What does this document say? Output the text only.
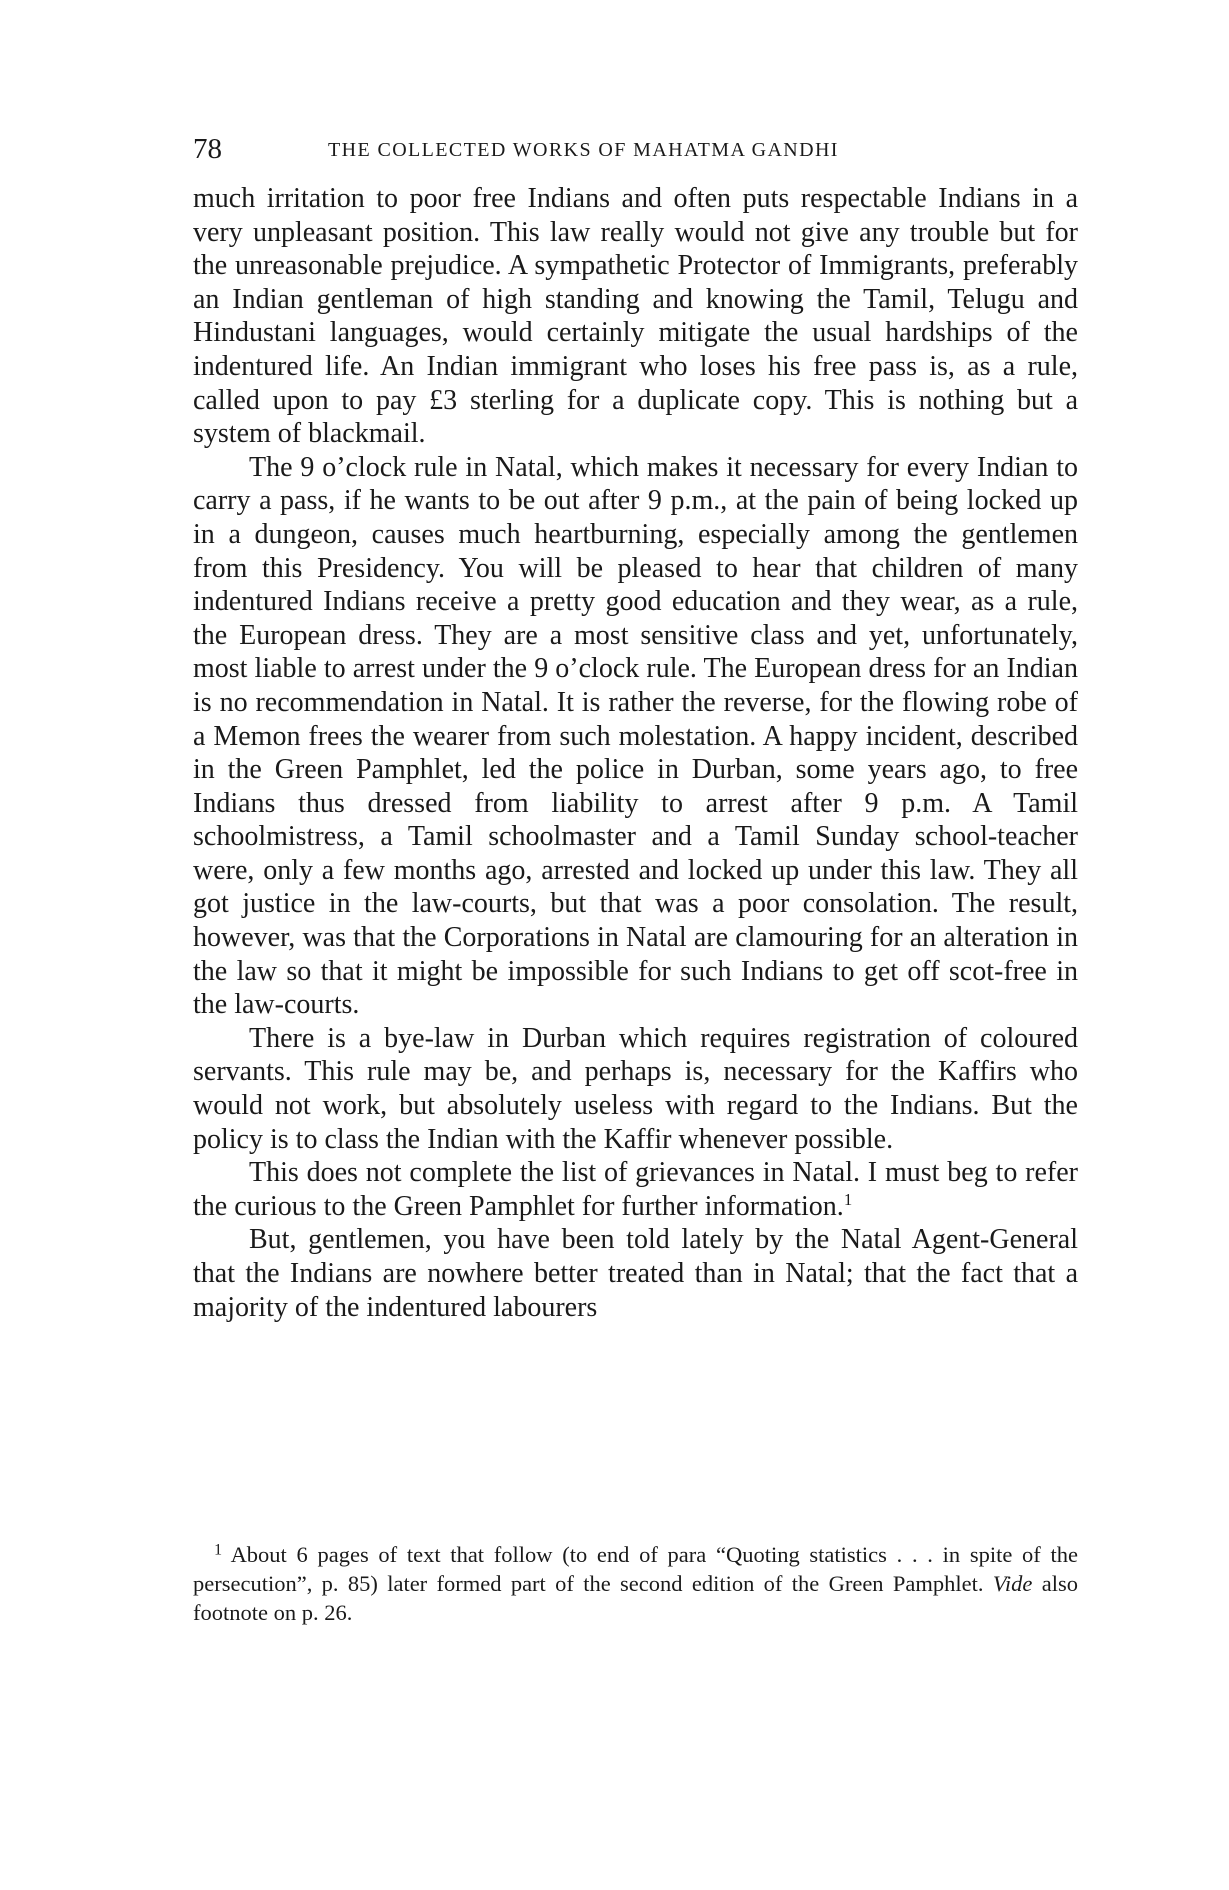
78	THE COLLECTED WORKS OF MAHATMA GANDHI

much irritation to poor free Indians and often puts respectable Indians in a very unpleasant position. This law really would not give any trouble but for the unreasonable prejudice. A sympathetic Protector of Immigrants, preferably an Indian gentleman of high standing and knowing the Tamil, Telugu and Hindustani languages, would certainly mitigate the usual hardships of the indentured life. An Indian immigrant who loses his free pass is, as a rule, called upon to pay £3 sterling for a duplicate copy. This is nothing but a system of blackmail.

The 9 o’clock rule in Natal, which makes it necessary for every Indian to carry a pass, if he wants to be out after 9 p.m., at the pain of being locked up in a dungeon, causes much heartburning, especially among the gentlemen from this Presidency. You will be pleased to hear that children of many indentured Indians receive a pretty good education and they wear, as a rule, the European dress. They are a most sensitive class and yet, unfortunately, most liable to arrest under the 9 o’clock rule. The European dress for an Indian is no recommendation in Natal. It is rather the reverse, for the flowing robe of a Memon frees the wearer from such molestation. A happy incident, described in the Green Pamphlet, led the police in Durban, some years ago, to free Indians thus dressed from liability to arrest after 9 p.m. A Tamil schoolmistress, a Tamil schoolmaster and a Tamil Sunday school-teacher were, only a few months ago, arrested and locked up under this law. They all got justice in the law-courts, but that was a poor consolation. The result, however, was that the Corporations in Natal are clamouring for an alteration in the law so that it might be impossible for such Indians to get off scot-free in the law-courts.

There is a bye-law in Durban which requires registration of coloured servants. This rule may be, and perhaps is, necessary for the Kaffirs who would not work, but absolutely useless with regard to the Indians. But the policy is to class the Indian with the Kaffir whenever possible.

This does not complete the list of grievances in Natal. I must beg to refer the curious to the Green Pamphlet for further information.$^1$

But, gentlemen, you have been told lately by the Natal Agent-General that the Indians are nowhere better treated than in Natal; that the fact that a majority of the indentured labourers

$^1$ About 6 pages of text that follow (to end of para “Quoting statistics . . . in spite of the persecution”, p. 85) later formed part of the second edition of the Green Pamphlet. Vide also footnote on p. 26.
